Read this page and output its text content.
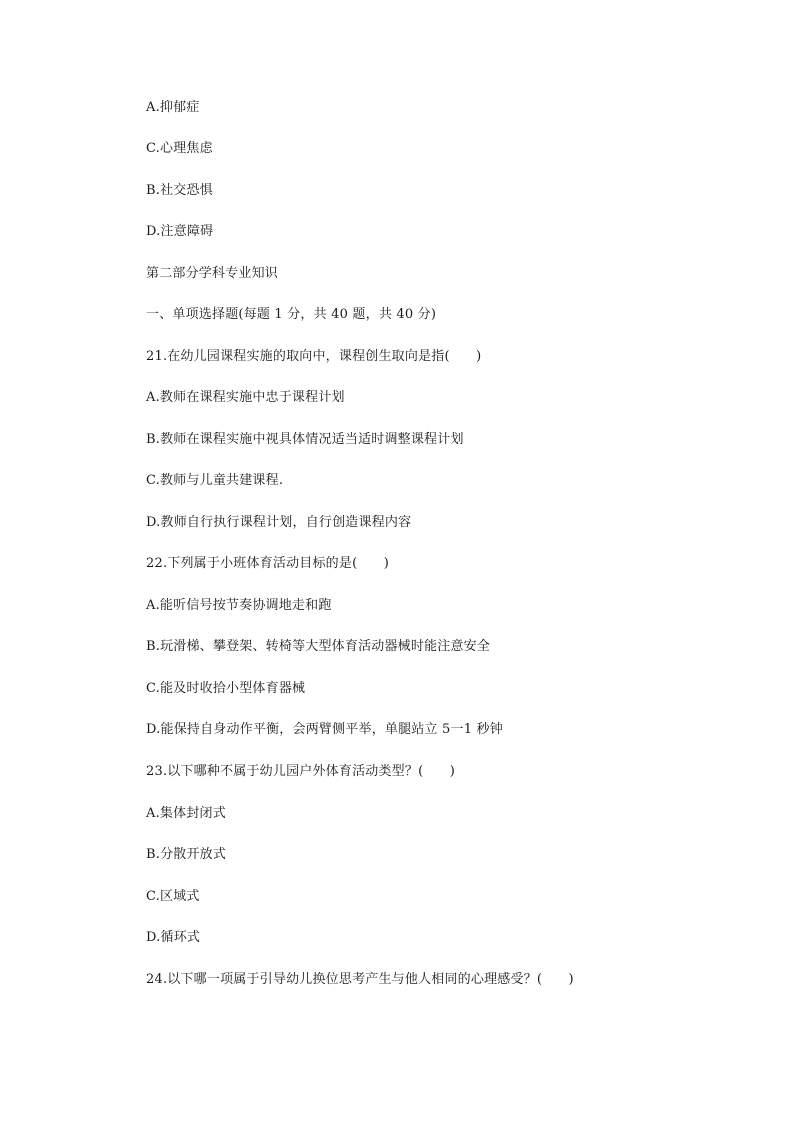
A.抑郁症
C.心理焦虑
B.社交恐惧
D.注意障碍
第二部分学科专业知识
一、单项选择题(每题 1 分，共 40 题，共 40 分)
21.在幼儿园课程实施的取向中，课程创生取向是指(　　)
A.教师在课程实施中忠于课程计划
B.教师在课程实施中视具体情况适当适时调整课程计划
C.教师与儿童共建课程.
D.教师自行执行课程计划，自行创造课程内容
22.下列属于小班体育活动目标的是(　　)
A.能听信号按节奏协调地走和跑
B.玩滑梯、攀登架、转椅等大型体育活动器械时能注意安全
C.能及时收拾小型体育器械
D.能保持自身动作平衡，会两臂侧平举，单腿站立 5一1 秒钟
23.以下哪种不属于幼儿园户外体育活动类型？(　　)
A.集体封闭式
B.分散开放式
C.区域式
D.循环式
24.以下哪一项属于引导幼儿换位思考产生与他人相同的心理感受？(　　)
